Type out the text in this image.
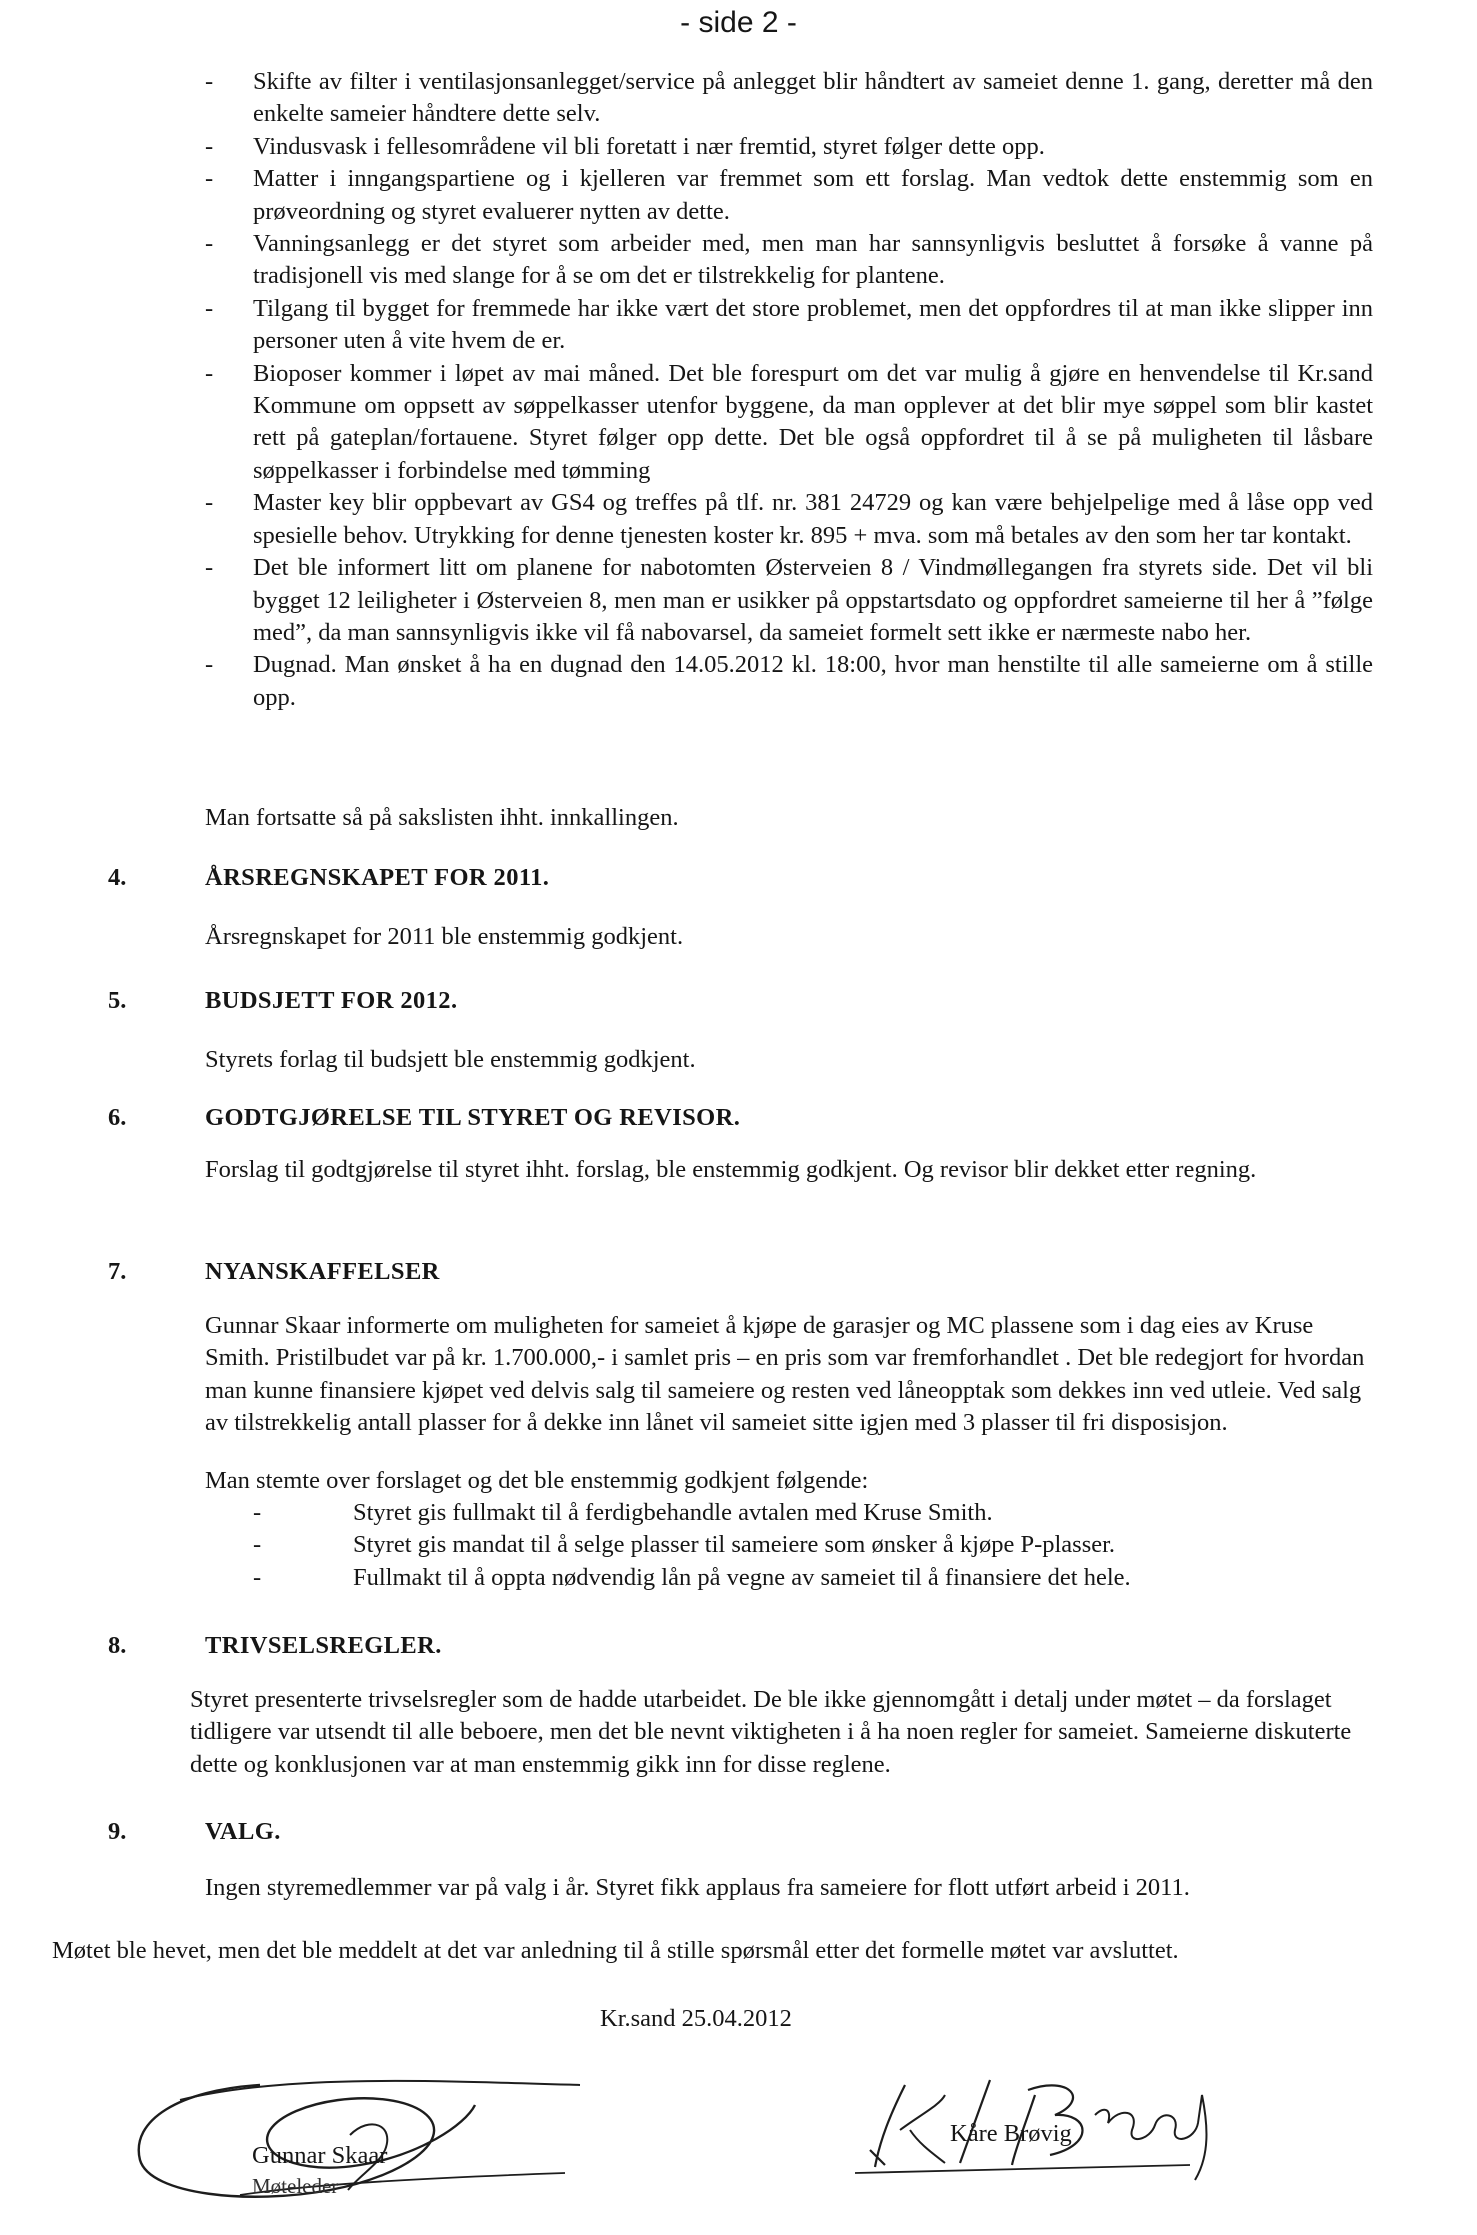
- side 2 -
- Skifte av filter i ventilasjonsanlegget/service på anlegget blir håndtert av sameiet denne 1. gang, deretter må den enkelte sameier håndtere dette selv.
- Vindusvask i fellesområdene vil bli foretatt i nær fremtid, styret følger dette opp.
- Matter i inngangspartiene og i kjelleren var fremmet som ett forslag. Man vedtok dette enstemmig som en prøveordning og styret evaluerer nytten av dette.
- Vanningsanlegg er det styret som arbeider med, men man har sannsynligvis besluttet å forsøke å vanne på tradisjonell vis med slange for å se om det er tilstrekkelig for plantene.
- Tilgang til bygget for fremmede har ikke vært det store problemet, men det oppfordres til at man ikke slipper inn personer uten å vite hvem de er.
- Bioposer kommer i løpet av mai måned. Det ble forespurt om det var mulig å gjøre en henvendelse til Kr.sand Kommune om oppsett av søppelkasser utenfor byggene, da man opplever at det blir mye søppel som blir kastet rett på gateplan/fortauene. Styret følger opp dette. Det ble også oppfordret til å se på muligheten til låsbare søppelkasser i forbindelse med tømming
- Master key blir oppbevart av GS4 og treffes på tlf. nr. 381 24729 og kan være behjelpelige med å låse opp ved spesielle behov. Utrykking for denne tjenesten koster kr. 895 + mva. som må betales av den som her tar kontakt.
- Det ble informert litt om planene for nabotomten Østerveien 8 / Vindmøllegangen fra styrets side. Det vil bli bygget 12 leiligheter i Østerveien 8, men man er usikker på oppstartsdato og oppfordret sameierne til her å ”følge med”, da man sannsynligvis ikke vil få nabovarsel, da sameiet formelt sett ikke er nærmeste nabo her.
- Dugnad. Man ønsket å ha en dugnad den 14.05.2012 kl. 18:00, hvor man henstilte til alle sameierne om å stille opp.
Man fortsatte så på sakslisten ihht. innkallingen.
4.	ÅRSREGNSKAPET FOR 2011.
Årsregnskapet for 2011 ble enstemmig godkjent.
5.	BUDSJETT FOR 2012.
Styrets forlag til budsjett ble enstemmig godkjent.
6.	GODTGJØRELSE TIL STYRET OG REVISOR.
Forslag til godtgjørelse til styret ihht. forslag, ble enstemmig godkjent. Og revisor blir dekket etter regning.
7.	NYANSKAFFELSER
Gunnar Skaar informerte om muligheten for sameiet å kjøpe de garasjer og MC plassene som i dag eies av Kruse Smith. Pristilbudet var på kr. 1.700.000,- i samlet pris – en pris som var fremforhandlet . Det ble redegjort for hvordan man kunne finansiere kjøpet ved delvis salg til sameiere og resten ved låneopptak som dekkes inn ved utleie. Ved salg av tilstrekkelig antall plasser for å dekke inn lånet vil sameiet sitte igjen med 3 plasser til fri disposisjon.
Man stemte over forslaget og det ble enstemmig godkjent følgende:
-	Styret gis fullmakt til å ferdigbehandle avtalen med Kruse Smith.
-	Styret gis mandat til å selge plasser til sameiere som ønsker å kjøpe P-plasser.
-	Fullmakt til å oppta nødvendig lån på vegne av sameiet til å finansiere det hele.
8.	TRIVSELSREGLER.
Styret presenterte trivselsregler som de hadde utarbeidet. De ble ikke gjennomgått i detalj under møtet – da forslaget tidligere var utsendt til alle beboere, men det ble nevnt viktigheten i å ha noen regler for sameiet. Sameierne diskuterte dette og konklusjonen var at man enstemmig gikk inn for disse reglene.
9.	VALG.
Ingen styremedlemmer var på valg i år. Styret fikk applaus fra sameiere for flott utført arbeid i 2011.
Møtet ble hevet, men det ble meddelt at det var anledning til å stille spørsmål etter det formelle møtet var avsluttet.
Kr.sand 25.04.2012
Gunnar Skaar
Møteleder
Kåre Brøvig
